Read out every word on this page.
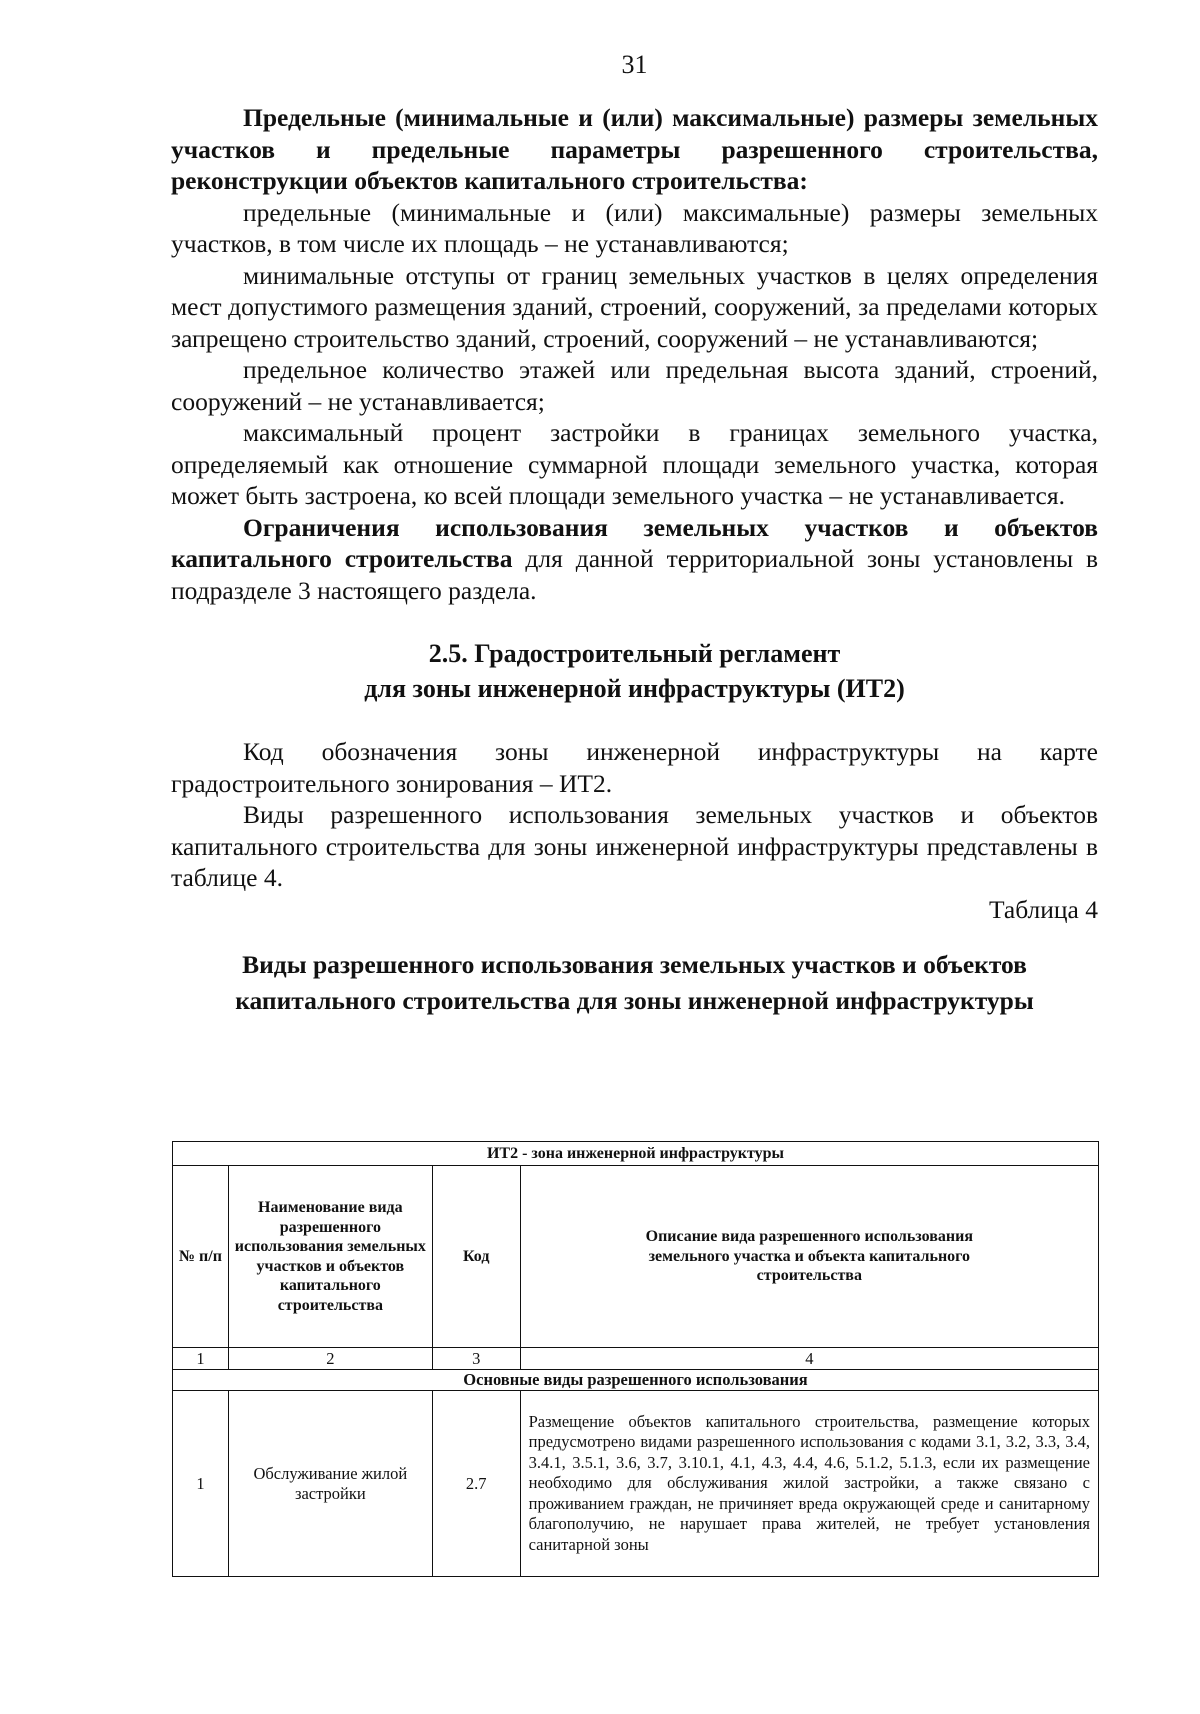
31

Предельные (минимальные и (или) максимальные) размеры земельных участков и предельные параметры разрешенного строительства, реконструкции объектов капитального строительства:

предельные (минимальные и (или) максимальные) размеры земельных участков, в том числе их площадь – не устанавливаются;

минимальные отступы от границ земельных участков в целях определения мест допустимого размещения зданий, строений, сооружений, за пределами которых запрещено строительство зданий, строений, сооружений – не устанавливаются;

предельное количество этажей или предельная высота зданий, строений, сооружений – не устанавливается;

максимальный процент застройки в границах земельного участка, определяемый как отношение суммарной площади земельного участка, которая может быть застроена, ко всей площади земельного участка – не устанавливается.

Ограничения использования земельных участков и объектов капитального строительства для данной территориальной зоны установлены в подразделе 3 настоящего раздела.

2.5. Градостроительный регламент

для зоны инженерной инфраструктуры (ИТ2)

Код обозначения зоны инженерной инфраструктуры на карте градостроительного зонирования – ИТ2.

Виды разрешенного использования земельных участков и объектов капитального строительства для зоны инженерной инфраструктуры представлены в таблице 4.

Таблица 4

Виды разрешенного использования земельных участков и объектов капитального строительства для зоны инженерной инфраструктуры

ИТ2 - зона инженерной инфраструктуры			
№ п/п	Наименование вида разрешенного использования земельных участков и объектов капитального строительства	Код	Описание вида разрешенного использования земельного участка и объекта капитального строительства
1	2	3	4
Основные виды разрешенного использования			
1	Обслуживание жилой застройки	2.7	Размещение объектов капитального строительства, размещение которых предусмотрено видами разрешенного использования с кодами 3.1, 3.2, 3.3, 3.4, 3.4.1, 3.5.1, 3.6, 3.7, 3.10.1, 4.1, 4.3, 4.4, 4.6, 5.1.2, 5.1.3, если их размещение необходимо для обслуживания жилой застройки, а также связано с проживанием граждан, не причиняет вреда окружающей среде и санитарному благополучию, не нарушает права жителей, не требует установления санитарной зоны
